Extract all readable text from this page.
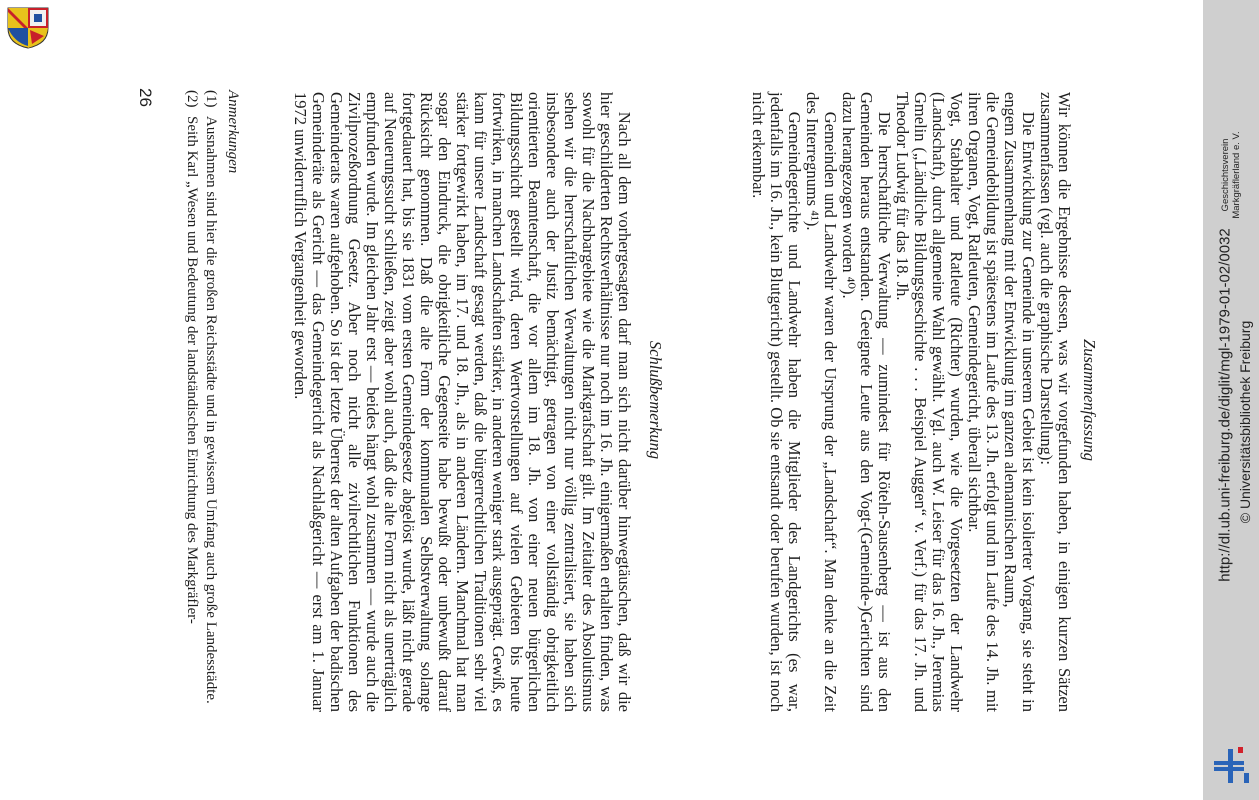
Zusammenfassung

Wir können die Ergebnisse dessen, was wir vorgefunden haben, in einigen kurzen Sätzen zusammenfassen (vgl. auch die graphische Darstellung):

Die Entwicklung zur Gemeinde in unserem Gebiet ist kein isolierter Vorgang, sie steht in engem Zusammenhang mit der Entwicklung im ganzen alemannischen Raum,

die Gemeindebildung ist spätestens im Laufe des 13. Jh. erfolgt und im Laufe des 14. Jh. mit ihren Organen, Vogt, Ratleuten, Gemeindegericht, überall sichtbar.

Vogt, Stabhalter und Ratleute (Richter) wurden, wie die Vorgesetzten der Landwehr (Landschaft), durch allgemeine Wahl gewählt. Vgl. auch W. Leiser für das 16. Jh., Jeremias Gmelin („Ländliche Bildungsgeschichte . . . Beispiel Auggen“ v. Verf.) für das 17. Jh. und Theodor Ludwig für das 18. Jh.

Die herrschaftliche Verwaltung — zumindest für Röteln-Sausenberg — ist aus den Gemeinden heraus entstanden. Geeignete Leute aus den Vogt-(Gemeinde-)Gerichten sind dazu herangezogen worden ⁴⁰).

Gemeinden und Landwehr waren der Ursprung der „Landschaft“. Man denke an die Zeit des Interregnums ⁴¹).

Gemeindegerichte und Landwehr haben die Mitglieder des Landgerichts (es war, jedenfalls im 16. Jh., kein Blutgericht) gestellt. Ob sie entsandt oder berufen wurden, ist noch nicht erkennbar.

Schlußbemerkung

Nach all dem vorhergesagten darf man sich nicht darüber hinwegtäuschen, daß wir die hier geschilderten Rechtsverhältnisse nur noch im 16. Jh. einigermaßen erhalten finden, was sowohl für die Nachbargebiete wie die Markgrafschaft gilt. Im Zeitalter des Absolutismus sehen wir die herrschaftlichen Verwaltungen nicht nur völlig zentralisiert, sie haben sich insbesondere auch der Justiz bemächtigt, getragen von einer vollständig obrigkeitlich orientierten Beamtenschaft, die vor allem im 18. Jh. von einer neuen bürgerlichen Bildungsschicht gestellt wird, deren Wertvorstellungen auf vielen Gebieten bis heute fortwirken, in manchen Landschaften stärker, in anderen weniger stark ausgeprägt. Gewiß, es kann für unsere Landschaft gesagt werden, daß die bürgerrechtlichen Traditionen sehr viel stärker fortgewirkt haben, im 17. und 18. Jh., als in anderen Ländern. Manchmal hat man sogar den Eindruck, die obrigkeitliche Gegenseite habe bewußt oder unbewußt darauf Rücksicht genommen. Daß die alte Form der kommunalen Selbstverwaltung solange fortgedauert hat, bis sie 1831 vom ersten Gemeindegesetz abgelöst wurde, läßt nicht gerade auf Neuerungssucht schließen, zeigt aber wohl auch, daß die alte Form nicht als unerträglich empfunden wurde. Im gleichen Jahr erst — beides hängt wohl zusammen — wurde auch die Zivilprozeßordnung Gesetz. Aber noch nicht alle zivilrechtlichen Funktionen des Gemeinderats waren aufgehoben. So ist der letzte Überrest der alten Aufgaben der badischen Gemeinderäte als Gericht — das Gemeindegericht als Nachlaßgericht — erst am 1. Januar 1972 unwiderruflich Vergangenheit geworden.

Anmerkungen
(1)
Ausnahmen sind hier die großen Reichsstädte und in gewissem Umfang auch große Landesstädte.
(2)
Seith Karl „Wesen und Bedeutung der landständischen Einrichtung des Markgräfler-
26
Geschichtsverein Markgräflerland e. V.
http://dl.ub.uni-freiburg.de/diglit/mgl-1979-01-02/0032 © Universitätsbibliothek Freiburg
